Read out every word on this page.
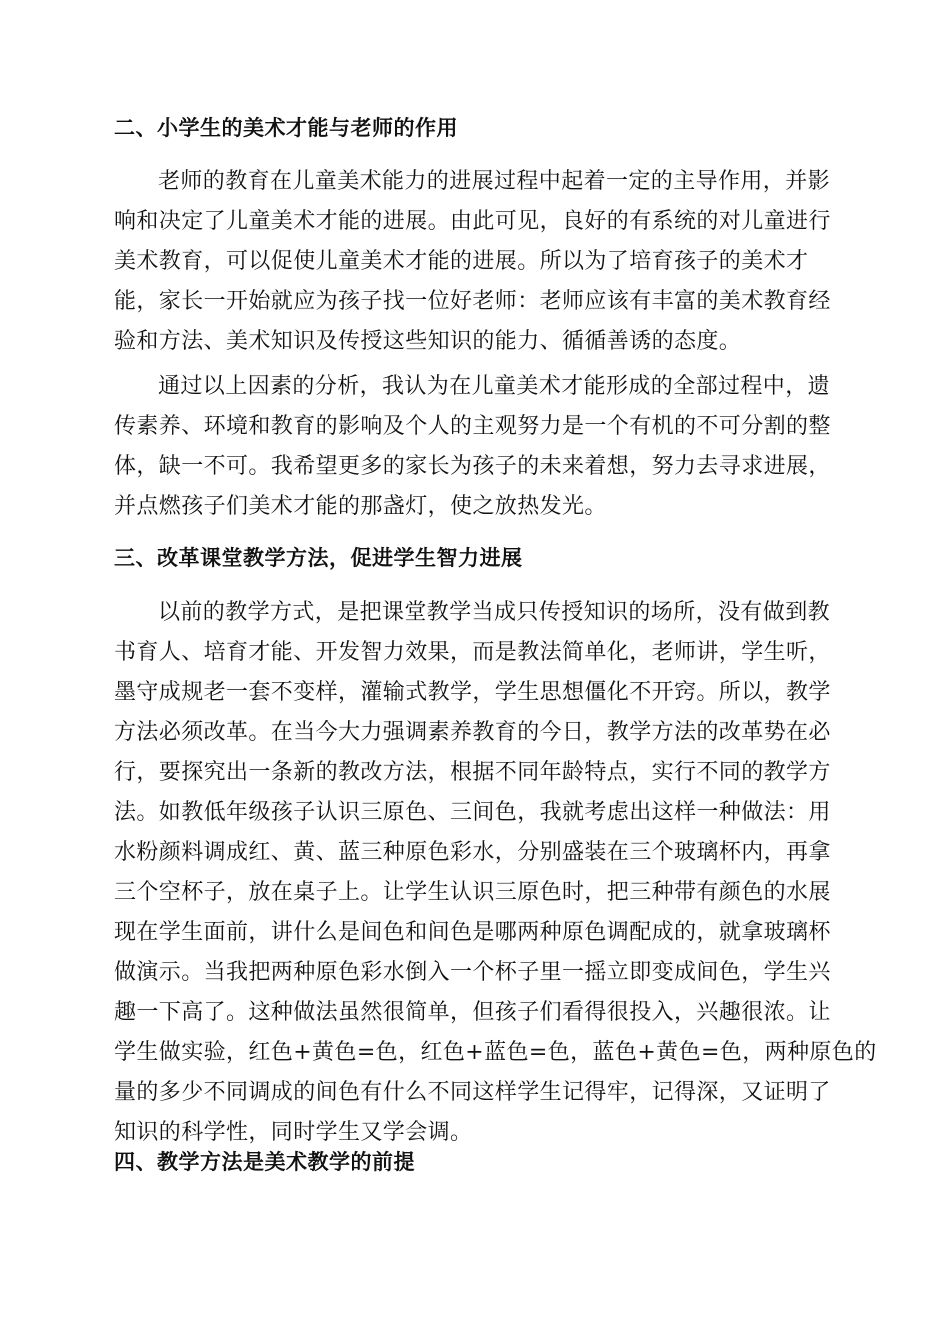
二、小学生的美术才能与老师的作用
老师的教育在儿童美术能力的进展过程中起着一定的主导作用，并影
响和决定了儿童美术才能的进展。由此可见，良好的有系统的对儿童进行
美术教育，可以促使儿童美术才能的进展。所以为了培育孩子的美术才
能，家长一开始就应为孩子找一位好老师：老师应该有丰富的美术教育经
验和方法、美术知识及传授这些知识的能力、循循善诱的态度。
通过以上因素的分析，我认为在儿童美术才能形成的全部过程中，遗
传素养、环境和教育的影响及个人的主观努力是一个有机的不可分割的整
体，缺一不可。我希望更多的家长为孩子的未来着想，努力去寻求进展，
并点燃孩子们美术才能的那盏灯，使之放热发光。
三、改革课堂教学方法，促进学生智力进展
以前的教学方式，是把课堂教学当成只传授知识的场所，没有做到教
书育人、培育才能、开发智力效果，而是教法简单化，老师讲，学生听，
墨守成规老一套不变样，灌输式教学，学生思想僵化不开窍。所以，教学
方法必须改革。在当今大力强调素养教育的今日，教学方法的改革势在必
行，要探究出一条新的教改方法，根据不同年龄特点，实行不同的教学方
法。如教低年级孩子认识三原色、三间色，我就考虑出这样一种做法：用
水粉颜料调成红、黄、蓝三种原色彩水，分别盛装在三个玻璃杯内，再拿
三个空杯子，放在桌子上。让学生认识三原色时，把三种带有颜色的水展
现在学生面前，讲什么是间色和间色是哪两种原色调配成的，就拿玻璃杯
做演示。当我把两种原色彩水倒入一个杯子里一摇立即变成间色，学生兴
趣一下高了。这种做法虽然很简单，但孩子们看得很投入，兴趣很浓。让
学生做实验，红色+黄色=色，红色+蓝色=色，蓝色+黄色=色，两种原色的
量的多少不同调成的间色有什么不同这样学生记得牢，记得深，又证明了
知识的科学性，同时学生又学会调。
四、教学方法是美术教学的前提
